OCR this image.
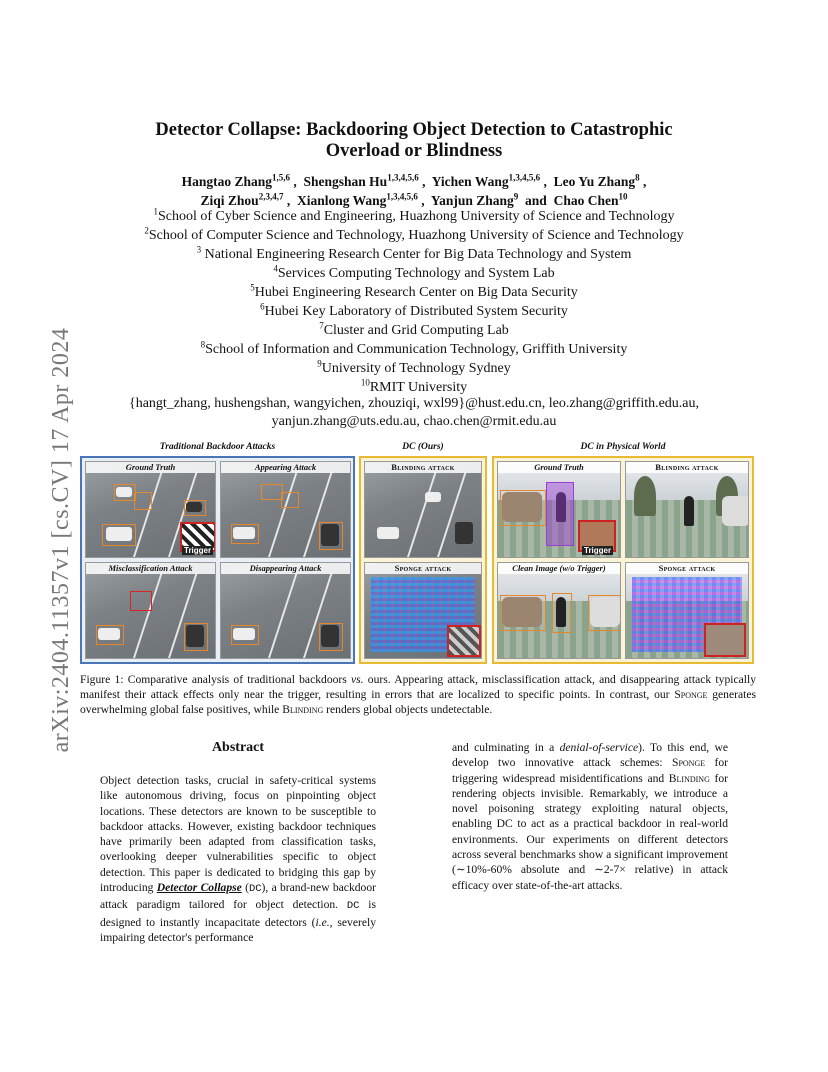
arXiv:2404.11357v1 [cs.CV] 17 Apr 2024
Detector Collapse: Backdooring Object Detection to Catastrophic
Overload or Blindness
Hangtao Zhang$^{1,5,6}$ ,  Shengshan Hu$^{1,3,4,5,6}$ ,  Yichen Wang$^{1,3,4,5,6}$ ,  Leo Yu Zhang$^8$ ,
Ziqi Zhou$^{2,3,4,7}$ ,  Xianlong Wang$^{1,3,4,5,6}$ ,  Yanjun Zhang$^9$ and Chao Chen$^{10}$
$^1$School of Cyber Science and Engineering, Huazhong University of Science and Technology
$^2$School of Computer Science and Technology, Huazhong University of Science and Technology
$^3$ National Engineering Research Center for Big Data Technology and System
$^4$Services Computing Technology and System Lab
$^5$Hubei Engineering Research Center on Big Data Security
$^6$Hubei Key Laboratory of Distributed System Security
$^7$Cluster and Grid Computing Lab
$^8$School of Information and Communication Technology, Griffith University
$^9$University of Technology Sydney
$^{10}$RMIT University
{hangt_zhang, hushengshan, wangyichen, zhouziqi, wxl99}@hust.edu.cn, leo.zhang@griffith.edu.au,
yanjun.zhang@uts.edu.au, chao.chen@rmit.edu.au
Traditional Backdoor Attacks	DC (Ours)	DC in Physical World
Trigger
Ground Truth	Appearing Attack
Misclassification Attack	Disappearing Attack
Blinding attack
Sponge attack
Trigger
Ground Truth	Blinding attack
Clean Image (w/o Trigger)	Sponge attack
Figure 1: Comparative analysis of traditional backdoors vs. ours. Appearing attack, misclassification attack, and disappearing attack typically manifest their attack effects only near the trigger, resulting in errors that are localized to specific points. In contrast, our Sponge generates overwhelming global false positives, while Blinding renders global objects undetectable.
Abstract
Object detection tasks, crucial in safety-critical systems like autonomous driving, focus on pinpointing object locations. These detectors are known to be susceptible to backdoor attacks. However, existing backdoor techniques have primarily been adapted from classification tasks, overlooking deeper vulnerabilities specific to object detection. This paper is dedicated to bridging this gap by introducing Detector Collapse (DC), a brand-new backdoor attack paradigm tailored for object detection. DC is designed to instantly incapacitate detectors (i.e., severely impairing detector's performance
and culminating in a denial-of-service). To this end, we develop two innovative attack schemes: Sponge for triggering widespread misidentifications and Blinding for rendering objects invisible. Remarkably, we introduce a novel poisoning strategy exploiting natural objects, enabling DC to act as a practical backdoor in real-world environments. Our experiments on different detectors across several benchmarks show a significant improvement (∼10%-60% absolute and ∼2-7× relative) in attack efficacy over state-of-the-art attacks.
